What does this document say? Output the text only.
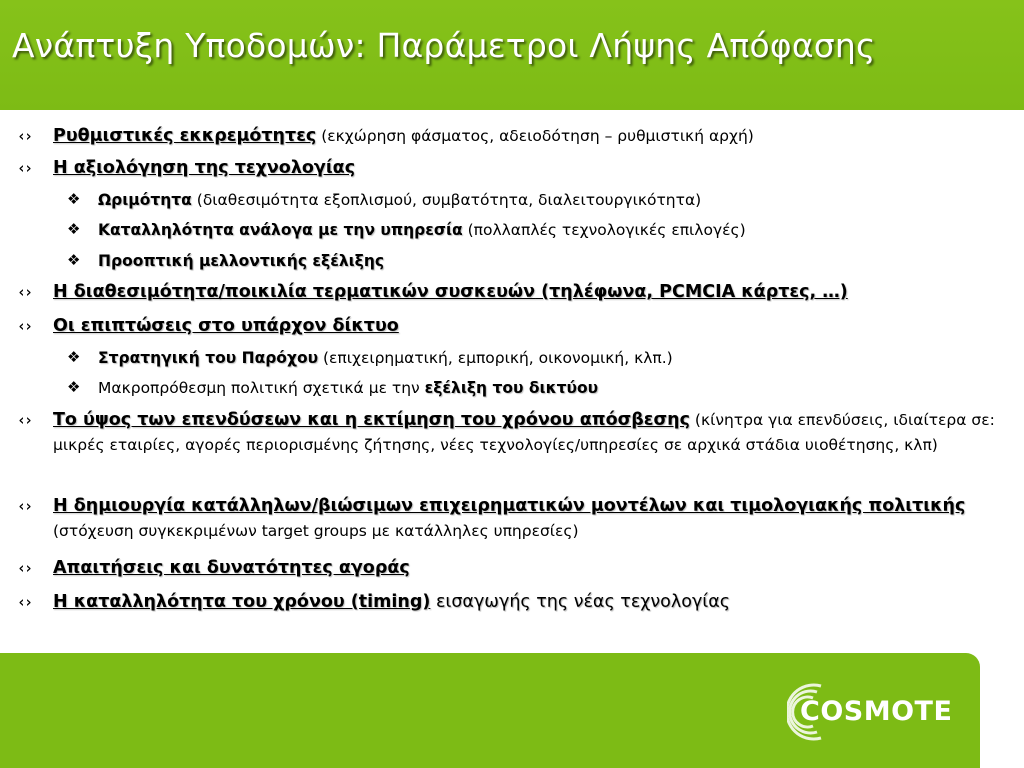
Ανάπτυξη Υποδομών: Παράμετροι Λήψης Απόφασης
‹› Ρυθμιστικές εκκρεμότητες (εκχώρηση φάσματος, αδειοδότηση – ρυθμιστική αρχή)
‹› Η αξιολόγηση της τεχνολογίας
❖ Ωριμότητα (διαθεσιμότητα εξοπλισμού, συμβατότητα, διαλειτουργικότητα)
❖ Καταλληλότητα ανάλογα με την υπηρεσία (πολλαπλές τεχνολογικές επιλογές)
❖ Προοπτική μελλοντικής εξέλιξης
‹› Η διαθεσιμότητα/ποικιλία τερματικών συσκευών (τηλέφωνα, PCMCIA κάρτες, …)
‹› Οι επιπτώσεις στο υπάρχον δίκτυο
❖ Στρατηγική του Παρόχου (επιχειρηματική, εμπορική, οικονομική, κλπ.)
❖ Μακροπρόθεσμη πολιτική σχετικά με την εξέλιξη του δικτύου
‹› Το ύψος των επενδύσεων και η εκτίμηση του χρόνου απόσβεσης (κίνητρα για επενδύσεις, ιδιαίτερα σε: μικρές εταιρίες, αγορές περιορισμένης ζήτησης, νέες τεχνολογίες/υπηρεσίες σε αρχικά στάδια υιοθέτησης, κλπ)
‹› Η δημιουργία κατάλληλων/βιώσιμων επιχειρηματικών μοντέλων και τιμολογιακής πολιτικής (στόχευση συγκεκριμένων target groups με κατάλληλες υπηρεσίες)
‹› Απαιτήσεις και δυνατότητες αγοράς
‹› Η καταλληλότητα του χρόνου (timing) εισαγωγής της νέας τεχνολογίας
COSMOTE
